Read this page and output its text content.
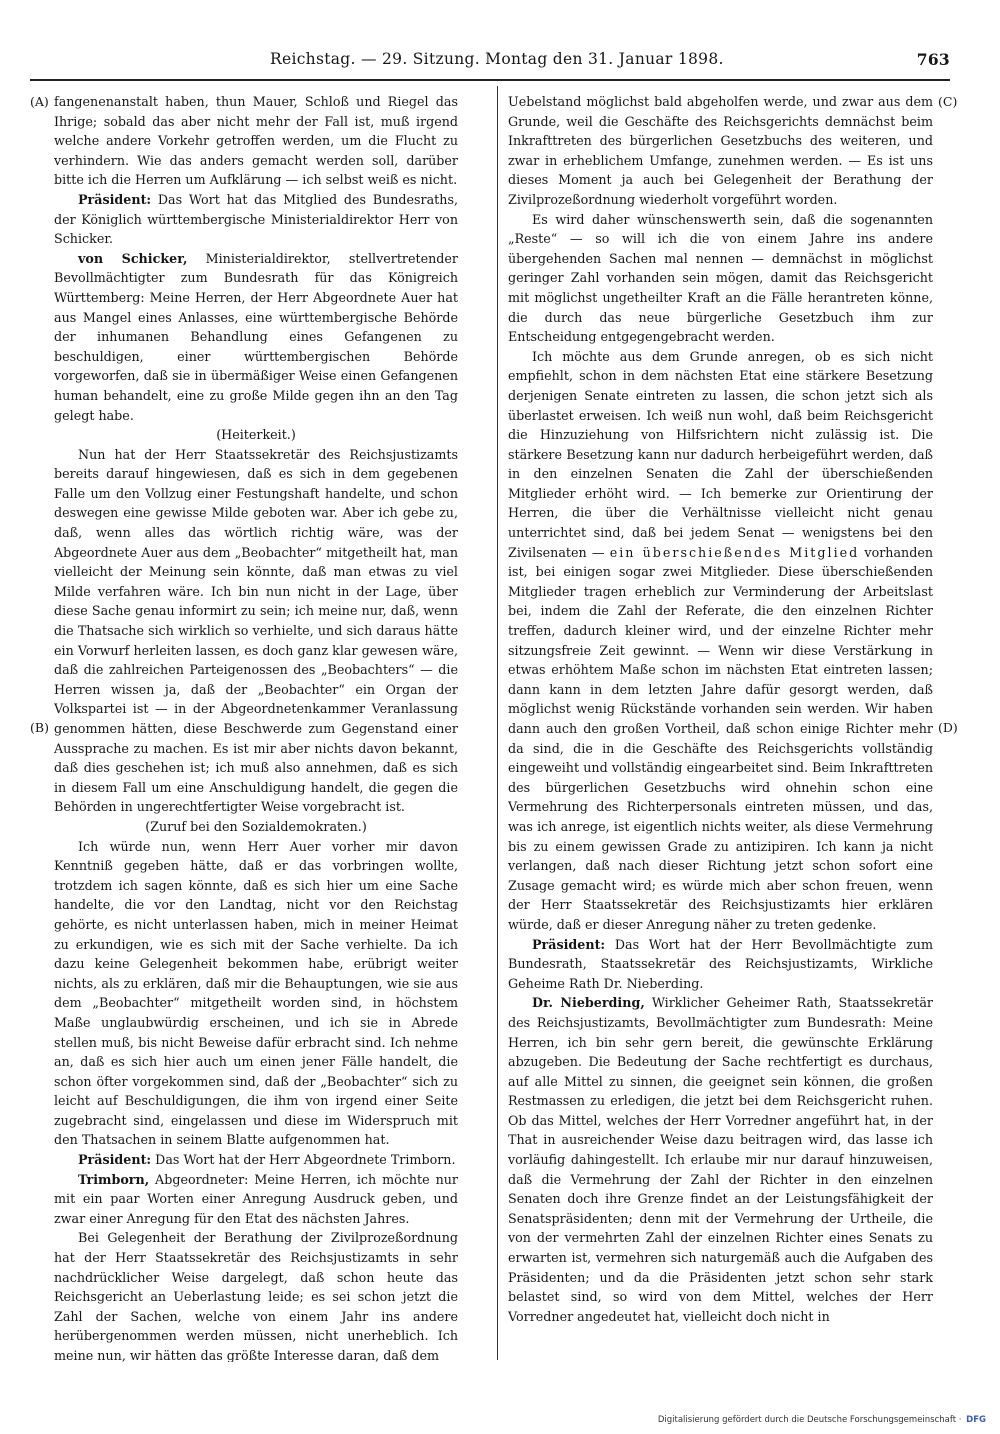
Reichstag. — 29. Sitzung. Montag den 31. Januar 1898.	763
(A)
(B)
(C)
(D)

fangenenanstalt haben, thun Mauer, Schloß und Riegel das Ihrige; sobald das aber nicht mehr der Fall ist, muß irgend welche andere Vorkehr getroffen werden, um die Flucht zu verhindern. Wie das anders gemacht werden soll, darüber bitte ich die Herren um Aufklärung — ich selbst weiß es nicht.

Präsident: Das Wort hat das Mitglied des Bundesraths, der Königlich württembergische Ministerialdirektor Herr von Schicker.

von Schicker, Ministerialdirektor, stellvertretender Bevollmächtigter zum Bundesrath für das Königreich Württemberg: Meine Herren, der Herr Abgeordnete Auer hat aus Mangel eines Anlasses, eine württembergische Behörde der inhumanen Behandlung eines Gefangenen zu beschuldigen, einer württembergischen Behörde vorgeworfen, daß sie in übermäßiger Weise einen Gefangenen human behandelt, eine zu große Milde gegen ihn an den Tag gelegt habe.

(Heiterkeit.)

Nun hat der Herr Staatssekretär des Reichsjustizamts bereits darauf hingewiesen, daß es sich in dem gegebenen Falle um den Vollzug einer Festungshaft handelte, und schon deswegen eine gewisse Milde geboten war. Aber ich gebe zu, daß, wenn alles das wörtlich richtig wäre, was der Abgeordnete Auer aus dem „Beobachter“ mitgetheilt hat, man vielleicht der Meinung sein könnte, daß man etwas zu viel Milde verfahren wäre. Ich bin nun nicht in der Lage, über diese Sache genau informirt zu sein; ich meine nur, daß, wenn die Thatsache sich wirklich so verhielte, und sich daraus hätte ein Vorwurf herleiten lassen, es doch ganz klar gewesen wäre, daß die zahlreichen Parteigenossen des „Beobachters“ — die Herren wissen ja, daß der „Beobachter“ ein Organ der Volkspartei ist — in der Abgeordnetenkammer Veranlassung genommen hätten, diese Beschwerde zum Gegenstand einer Aussprache zu machen. Es ist mir aber nichts davon bekannt, daß dies geschehen ist; ich muß also annehmen, daß es sich in diesem Fall um eine Anschuldigung handelt, die gegen die Behörden in ungerechtfertigter Weise vorgebracht ist.

(Zuruf bei den Sozialdemokraten.)

Ich würde nun, wenn Herr Auer vorher mir davon Kenntniß gegeben hätte, daß er das vorbringen wollte, trotzdem ich sagen könnte, daß es sich hier um eine Sache handelte, die vor den Landtag, nicht vor den Reichstag gehörte, es nicht unterlassen haben, mich in meiner Heimat zu erkundigen, wie es sich mit der Sache verhielte. Da ich dazu keine Gelegenheit bekommen habe, erübrigt weiter nichts, als zu erklären, daß mir die Behauptungen, wie sie aus dem „Beobachter“ mitgetheilt worden sind, in höchstem Maße unglaubwürdig erscheinen, und ich sie in Abrede stellen muß, bis nicht Beweise dafür erbracht sind. Ich nehme an, daß es sich hier auch um einen jener Fälle handelt, die schon öfter vorgekommen sind, daß der „Beobachter“ sich zu leicht auf Beschuldigungen, die ihm von irgend einer Seite zugebracht sind, eingelassen und diese im Widerspruch mit den Thatsachen in seinem Blatte aufgenommen hat.

Präsident: Das Wort hat der Herr Abgeordnete Trimborn.

Trimborn, Abgeordneter: Meine Herren, ich möchte nur mit ein paar Worten einer Anregung Ausdruck geben, und zwar einer Anregung für den Etat des nächsten Jahres.

Bei Gelegenheit der Berathung der Zivilprozeßordnung hat der Herr Staatssekretär des Reichsjustizamts in sehr nachdrücklicher Weise dargelegt, daß schon heute das Reichsgericht an Ueberlastung leide; es sei schon jetzt die Zahl der Sachen, welche von einem Jahr ins andere herübergenommen werden müssen, nicht unerheblich. Ich meine nun, wir hätten das größte Interesse daran, daß dem

Uebelstand möglichst bald abgeholfen werde, und zwar aus dem Grunde, weil die Geschäfte des Reichsgerichts demnächst beim Inkrafttreten des bürgerlichen Gesetzbuchs des weiteren, und zwar in erheblichem Umfange, zunehmen werden. — Es ist uns dieses Moment ja auch bei Gelegenheit der Berathung der Zivilprozeßordnung wiederholt vorgeführt worden.

Es wird daher wünschenswerth sein, daß die sogenannten „Reste“ — so will ich die von einem Jahre ins andere übergehenden Sachen mal nennen — demnächst in möglichst geringer Zahl vorhanden sein mögen, damit das Reichsgericht mit möglichst ungetheilter Kraft an die Fälle herantreten könne, die durch das neue bürgerliche Gesetzbuch ihm zur Entscheidung entgegengebracht werden.

Ich möchte aus dem Grunde anregen, ob es sich nicht empfiehlt, schon in dem nächsten Etat eine stärkere Besetzung derjenigen Senate eintreten zu lassen, die schon jetzt sich als überlastet erweisen. Ich weiß nun wohl, daß beim Reichsgericht die Hinzuziehung von Hilfsrichtern nicht zulässig ist. Die stärkere Besetzung kann nur dadurch herbeigeführt werden, daß in den einzelnen Senaten die Zahl der überschießenden Mitglieder erhöht wird. — Ich bemerke zur Orientirung der Herren, die über die Verhältnisse vielleicht nicht genau unterrichtet sind, daß bei jedem Senat — wenigstens bei den Zivilsenaten — ein überschießendes Mitglied vorhanden ist, bei einigen sogar zwei Mitglieder. Diese überschießenden Mitglieder tragen erheblich zur Verminderung der Arbeitslast bei, indem die Zahl der Referate, die den einzelnen Richter treffen, dadurch kleiner wird, und der einzelne Richter mehr sitzungsfreie Zeit gewinnt. — Wenn wir diese Verstärkung in etwas erhöhtem Maße schon im nächsten Etat eintreten lassen; dann kann in dem letzten Jahre dafür gesorgt werden, daß möglichst wenig Rückstände vorhanden sein werden. Wir haben dann auch den großen Vortheil, daß schon einige Richter mehr da sind, die in die Geschäfte des Reichsgerichts vollständig eingeweiht und vollständig eingearbeitet sind. Beim Inkrafttreten des bürgerlichen Gesetzbuchs wird ohnehin schon eine Vermehrung des Richterpersonals eintreten müssen, und das, was ich anrege, ist eigentlich nichts weiter, als diese Vermehrung bis zu einem gewissen Grade zu antizipiren. Ich kann ja nicht verlangen, daß nach dieser Richtung jetzt schon sofort eine Zusage gemacht wird; es würde mich aber schon freuen, wenn der Herr Staatssekretär des Reichsjustizamts hier erklären würde, daß er dieser Anregung näher zu treten gedenke.

Präsident: Das Wort hat der Herr Bevollmächtigte zum Bundesrath, Staatssekretär des Reichsjustizamts, Wirkliche Geheime Rath Dr. Nieberding.

Dr. Nieberding, Wirklicher Geheimer Rath, Staatssekretär des Reichsjustizamts, Bevollmächtigter zum Bundesrath: Meine Herren, ich bin sehr gern bereit, die gewünschte Erklärung abzugeben. Die Bedeutung der Sache rechtfertigt es durchaus, auf alle Mittel zu sinnen, die geeignet sein können, die großen Restmassen zu erledigen, die jetzt bei dem Reichsgericht ruhen. Ob das Mittel, welches der Herr Vorredner angeführt hat, in der That in ausreichender Weise dazu beitragen wird, das lasse ich vorläufig dahingestellt. Ich erlaube mir nur darauf hinzuweisen, daß die Vermehrung der Zahl der Richter in den einzelnen Senaten doch ihre Grenze findet an der Leistungsfähigkeit der Senatspräsidenten; denn mit der Vermehrung der Urtheile, die von der vermehrten Zahl der einzelnen Richter eines Senats zu erwarten ist, vermehren sich naturgemäß auch die Aufgaben des Präsidenten; und da die Präsidenten jetzt schon sehr stark belastet sind, so wird von dem Mittel, welches der Herr Vorredner angedeutet hat, vielleicht doch nicht in

Digitalisierung gefördert durch die Deutsche Forschungsgemeinschaft · DFG
